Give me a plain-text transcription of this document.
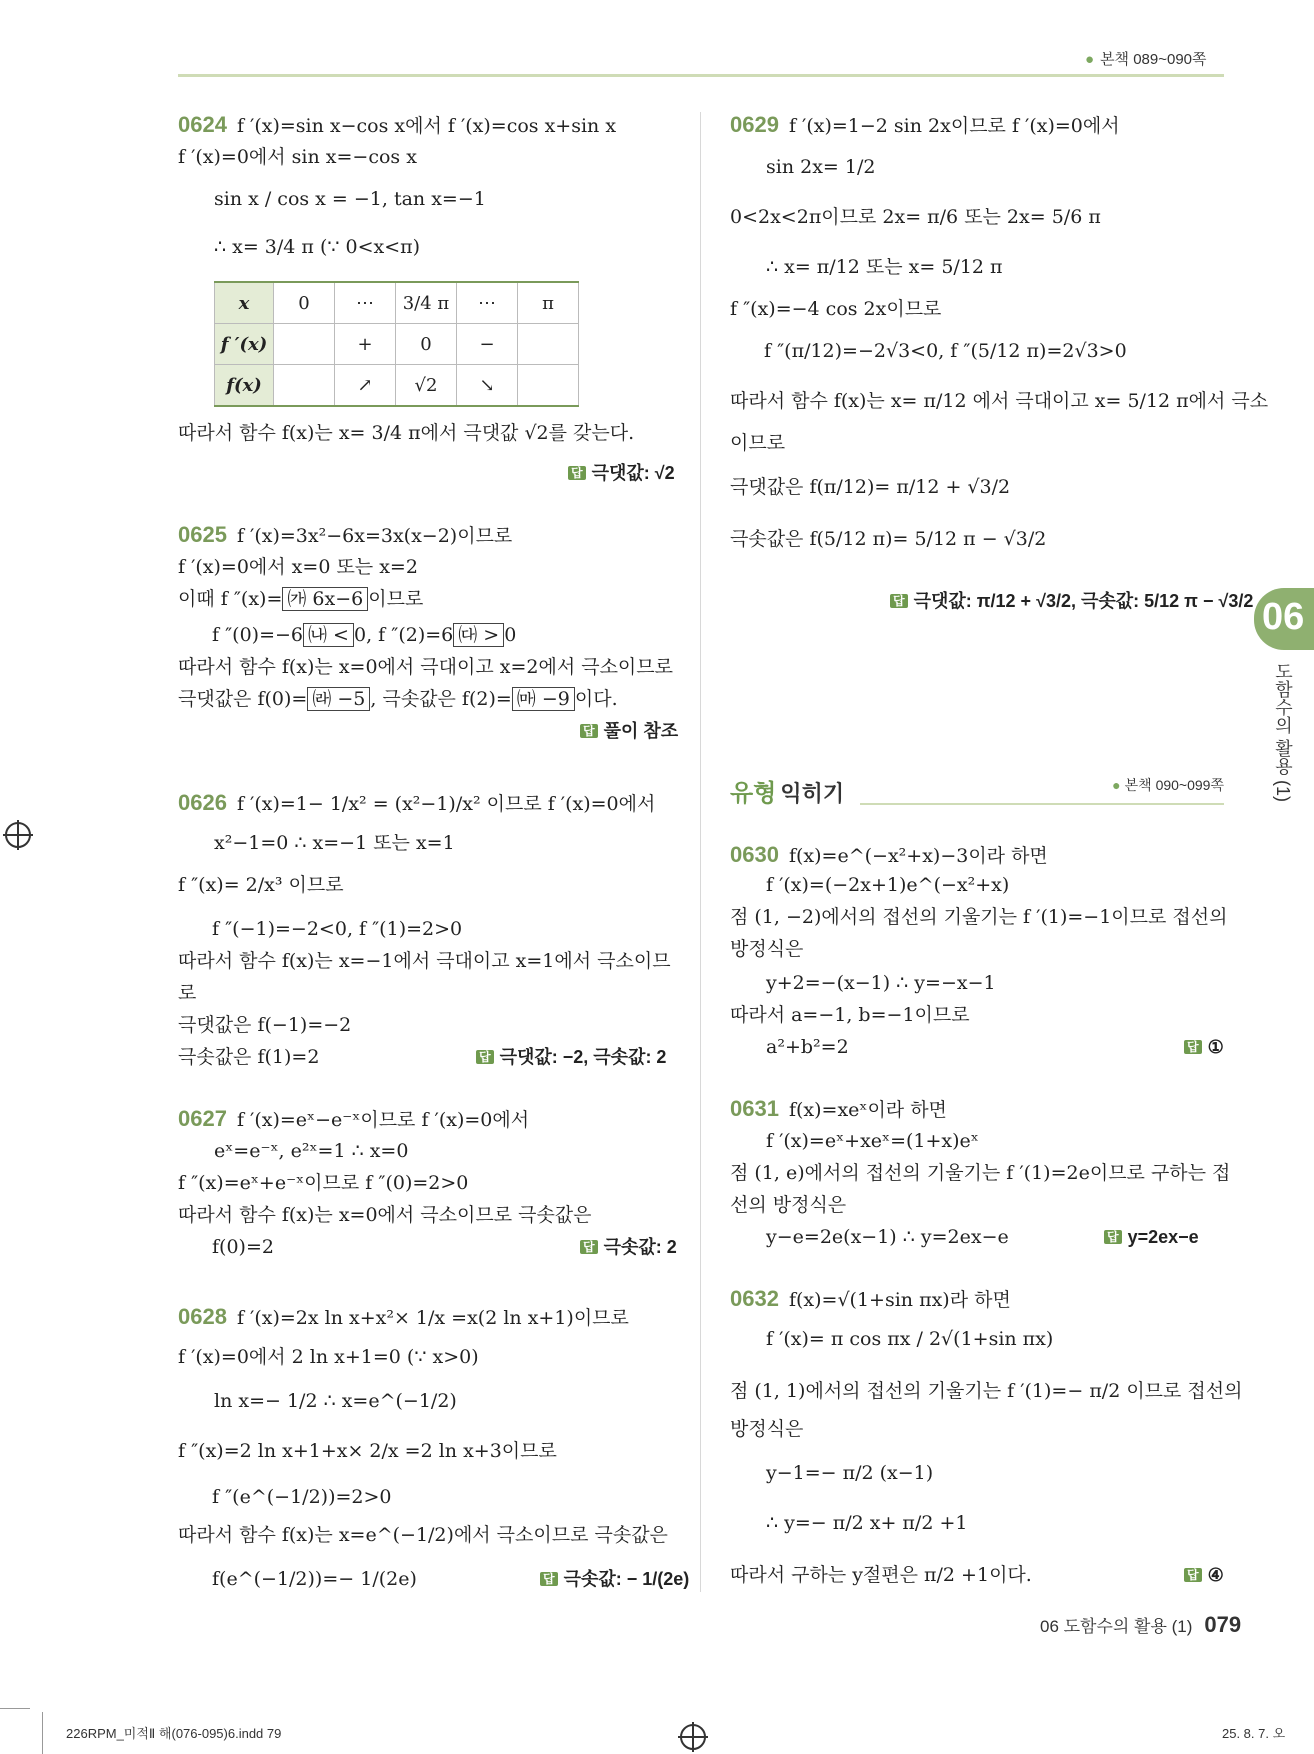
● 본책 089~090쪽
0624 f ′(x)=sin x−cos x에서 f ′(x)=cos x+sin x
f ′(x)=0에서 sin x=−cos x
sin x / cos x = −1, tan x=−1
∴ x= 3/4 π (∵ 0<x<π)
x	0	⋯	3/4 π	⋯	π
f ′(x)		+	0	−	
f(x)		↗	√2	↘	
따라서 함수 f(x)는 x= 3/4 π에서 극댓값 √2를 갖는다.
답 극댓값: √2
0625 f ′(x)=3x²−6x=3x(x−2)이므로
f ′(x)=0에서 x=0 또는 x=2
이때 f ″(x)= ㈎ 6x−6 이므로
f ″(0)=−6 ㈏ < 0, f ″(2)=6 ㈐ > 0
따라서 함수 f(x)는 x=0에서 극대이고 x=2에서 극소이므로
극댓값은 f(0)= ㈑ −5 , 극솟값은 f(2)= ㈒ −9 이다.
답 풀이 참조
0626 f ′(x)=1− 1/x² = (x²−1)/x² 이므로 f ′(x)=0에서
x²−1=0 ∴ x=−1 또는 x=1
f ″(x)= 2/x³ 이므로
f ″(−1)=−2<0, f ″(1)=2>0
따라서 함수 f(x)는 x=−1에서 극대이고 x=1에서 극소이므
로
극댓값은 f(−1)=−2
극솟값은 f(1)=2	답 극댓값: −2, 극솟값: 2
0627 f ′(x)=eˣ−e⁻ˣ이므로 f ′(x)=0에서
eˣ=e⁻ˣ, e²ˣ=1 ∴ x=0
f ″(x)=eˣ+e⁻ˣ이므로 f ″(0)=2>0
따라서 함수 f(x)는 x=0에서 극소이므로 극솟값은
f(0)=2	답 극솟값: 2
0628 f ′(x)=2x ln x+x²× 1/x =x(2 ln x+1)이므로
f ′(x)=0에서 2 ln x+1=0 (∵ x>0)
ln x=− 1/2 ∴ x=e^(−1/2)
f ″(x)=2 ln x+1+x× 2/x =2 ln x+3이므로
f ″(e^(−1/2))=2>0
따라서 함수 f(x)는 x=e^(−1/2)에서 극소이므로 극솟값은
f(e^(−1/2))=− 1/(2e)	답 극솟값: − 1/(2e)
0629 f ′(x)=1−2 sin 2x이므로 f ′(x)=0에서
sin 2x= 1/2
0<2x<2π이므로 2x= π/6 또는 2x= 5/6 π
∴ x= π/12 또는 x= 5/12 π
f ″(x)=−4 cos 2x이므로
f ″(π/12)=−2√3<0, f ″(5/12 π)=2√3>0
따라서 함수 f(x)는 x= π/12 에서 극대이고 x= 5/12 π에서 극소
이므로
극댓값은 f(π/12)= π/12 + √3/2
극솟값은 f(5/12 π)= 5/12 π − √3/2
답 극댓값: π/12 + √3/2, 극솟값: 5/12 π − √3/2
유형 익히기	● 본책 090~099쪽
0630 f(x)=e^(−x²+x)−3이라 하면
f ′(x)=(−2x+1)e^(−x²+x)
점 (1, −2)에서의 접선의 기울기는 f ′(1)=−1이므로 접선의
방정식은
y+2=−(x−1) ∴ y=−x−1
따라서 a=−1, b=−1이므로
a²+b²=2	답 ①
0631 f(x)=xeˣ이라 하면
f ′(x)=eˣ+xeˣ=(1+x)eˣ
점 (1, e)에서의 접선의 기울기는 f ′(1)=2e이므로 구하는 접
선의 방정식은
y−e=2e(x−1) ∴ y=2ex−e	답 y=2ex−e
0632 f(x)=√(1+sin πx)라 하면
f ′(x)= π cos πx / 2√(1+sin πx)
점 (1, 1)에서의 접선의 기울기는 f ′(1)=− π/2 이므로 접선의
방정식은
y−1=− π/2 (x−1)
∴ y=− π/2 x+ π/2 +1
따라서 구하는 y절편은 π/2 +1이다.	답 ④
06
도함수의 활용 (1)
06 도함수의 활용 (1) 079
226RPM_미적Ⅱ 해(076-095)6.indd 79	25. 8. 7. 오
